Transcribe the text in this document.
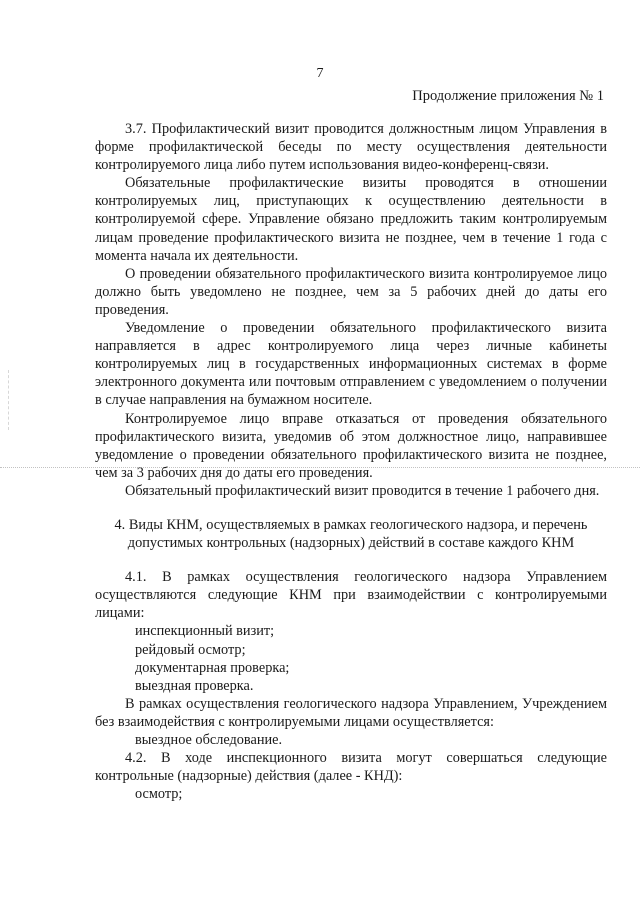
7
Продолжение приложения № 1

3.7. Профилактический визит проводится должностным лицом Управления в форме профилактической беседы по месту осуществления деятельности контролируемого лица либо путем использования видео-конференц-связи.

Обязательные профилактические визиты проводятся в отношении контролируемых лиц, приступающих к осуществлению деятельности в контролируемой сфере. Управление обязано предложить таким контролируемым лицам проведение профилактического визита не позднее, чем в течение 1 года с момента начала их деятельности.

О проведении обязательного профилактического визита контролируемое лицо должно быть уведомлено не позднее, чем за 5 рабочих дней до даты его проведения.

Уведомление о проведении обязательного профилактического визита направляется в адрес контролируемого лица через личные кабинеты контролируемых лиц в государственных информационных системах в форме электронного документа или почтовым отправлением с уведомлением о получении в случае направления на бумажном носителе.

Контролируемое лицо вправе отказаться от проведения обязательного профилактического визита, уведомив об этом должностное лицо, направившее уведомление о проведении обязательного профилактического визита не позднее, чем за 3 рабочих дня до даты его проведения.

Обязательный профилактический визит проводится в течение 1 рабочего дня.

4. Виды КНМ, осуществляемых в рамках геологического надзора, и перечень допустимых контрольных (надзорных) действий в составе каждого КНМ

4.1. В рамках осуществления геологического надзора Управлением осуществляются следующие КНМ при взаимодействии с контролируемыми лицами:

инспекционный визит;

рейдовый осмотр;

документарная проверка;

выездная проверка.

В рамках осуществления геологического надзора Управлением, Учреждением без взаимодействия с контролируемыми лицами осуществляется:

выездное обследование.

4.2. В ходе инспекционного визита могут совершаться следующие контрольные (надзорные) действия (далее - КНД):

осмотр;
